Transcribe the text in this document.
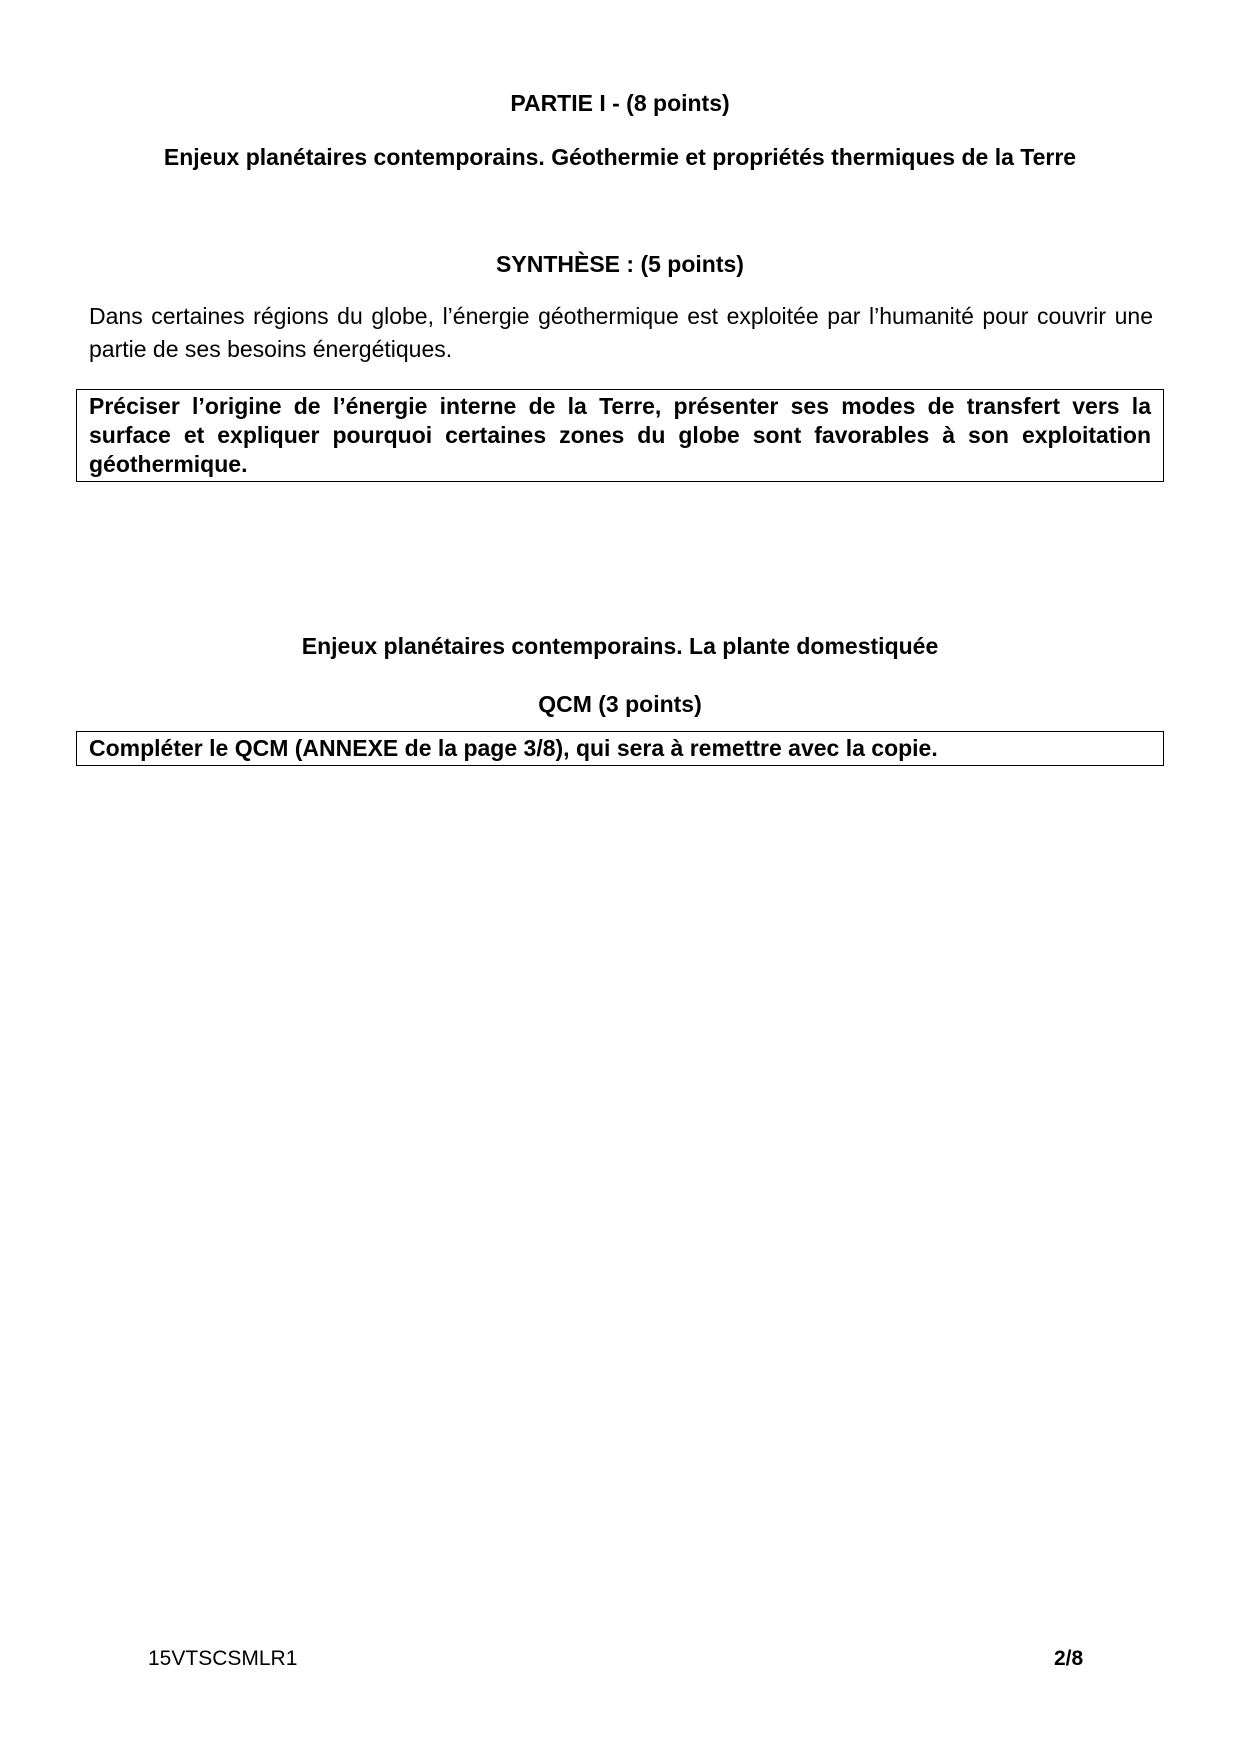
PARTIE I - (8 points)
Enjeux planétaires contemporains. Géothermie et propriétés thermiques de la Terre
SYNTHÈSE : (5 points)
Dans certaines régions du globe, l’énergie géothermique est exploitée par l’humanité pour couvrir une partie de ses besoins énergétiques.
Préciser l’origine de l’énergie interne de la Terre, présenter ses modes de transfert vers la surface et expliquer pourquoi certaines zones du globe sont favorables à son exploitation géothermique.
Enjeux planétaires contemporains. La plante domestiquée
QCM (3 points)
Compléter le QCM (ANNEXE de la page 3/8), qui sera à remettre avec la copie.
15VTSCSMLR1	2/8
